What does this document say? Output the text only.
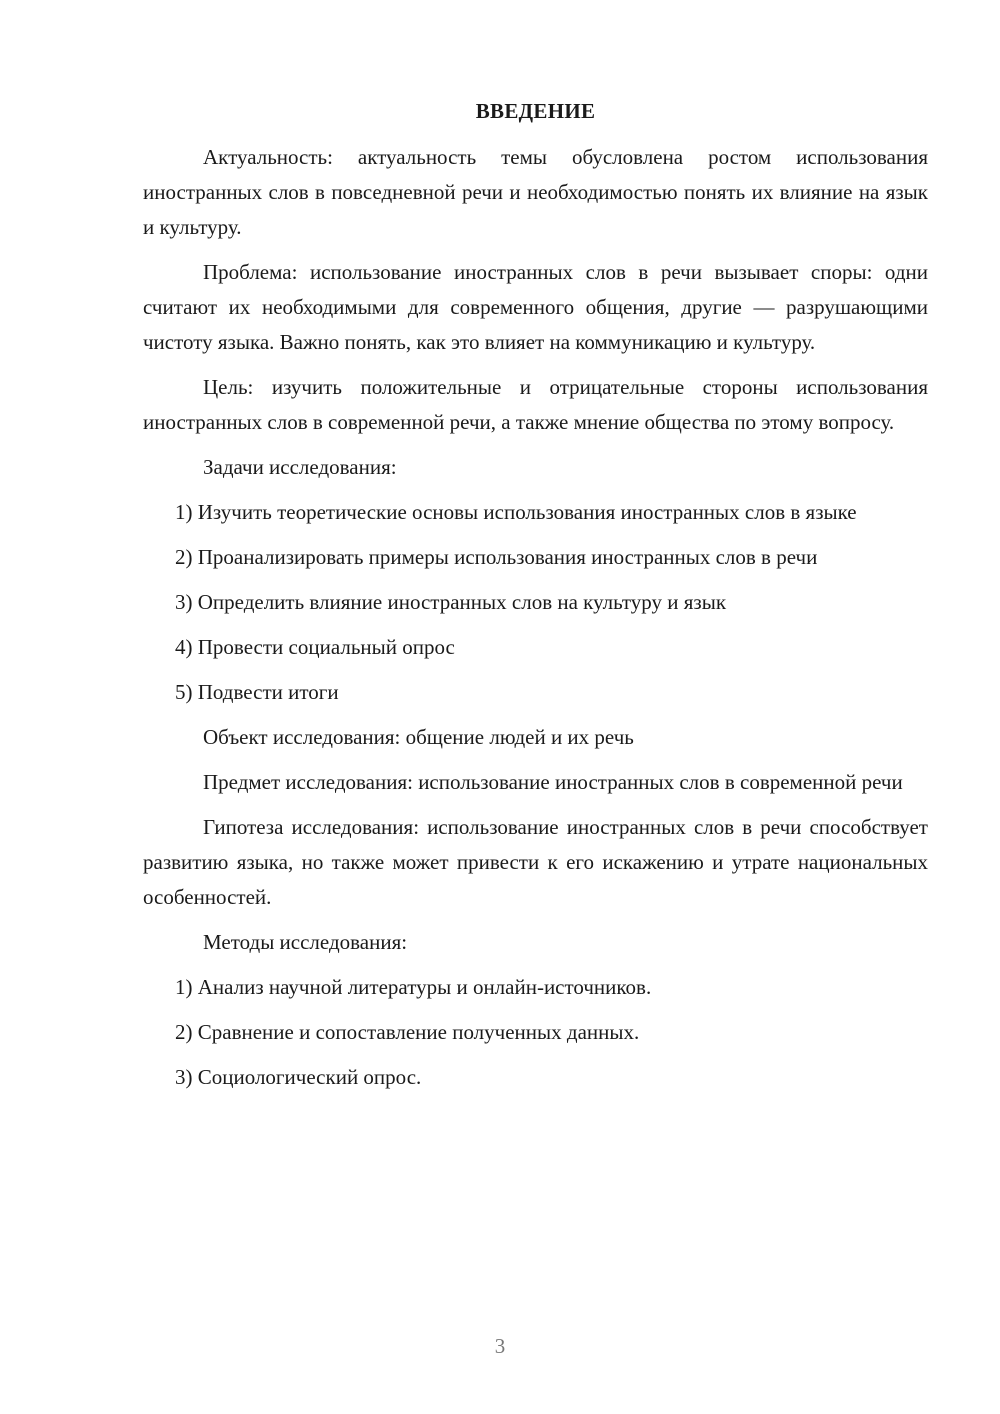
ВВЕДЕНИЕ

Актуальность: актуальность темы обусловлена ростом использования иностранных слов в повседневной речи и необходимостью понять их влияние на язык и культуру.

Проблема: использование иностранных слов в речи вызывает споры: одни считают их необходимыми для современного общения, другие — разрушающими чистоту языка. Важно понять, как это влияет на коммуникацию и культуру.

Цель: изучить положительные и отрицательные стороны использования иностранных слов в современной речи, а также мнение общества по этому вопросу.

Задачи исследования:

1) Изучить теоретические основы использования иностранных слов в языке

2) Проанализировать примеры использования иностранных слов в речи

3) Определить влияние иностранных слов на культуру и язык

4) Провести социальный опрос

5) Подвести итоги

Объект исследования: общение людей и их речь

Предмет исследования: использование иностранных слов в современной речи

Гипотеза исследования: использование иностранных слов в речи способствует развитию языка, но также может привести к его искажению и утрате национальных особенностей.

Методы исследования:

1) Анализ научной литературы и онлайн-источников.

2) Сравнение и сопоставление полученных данных.

3) Социологический опрос.

3
